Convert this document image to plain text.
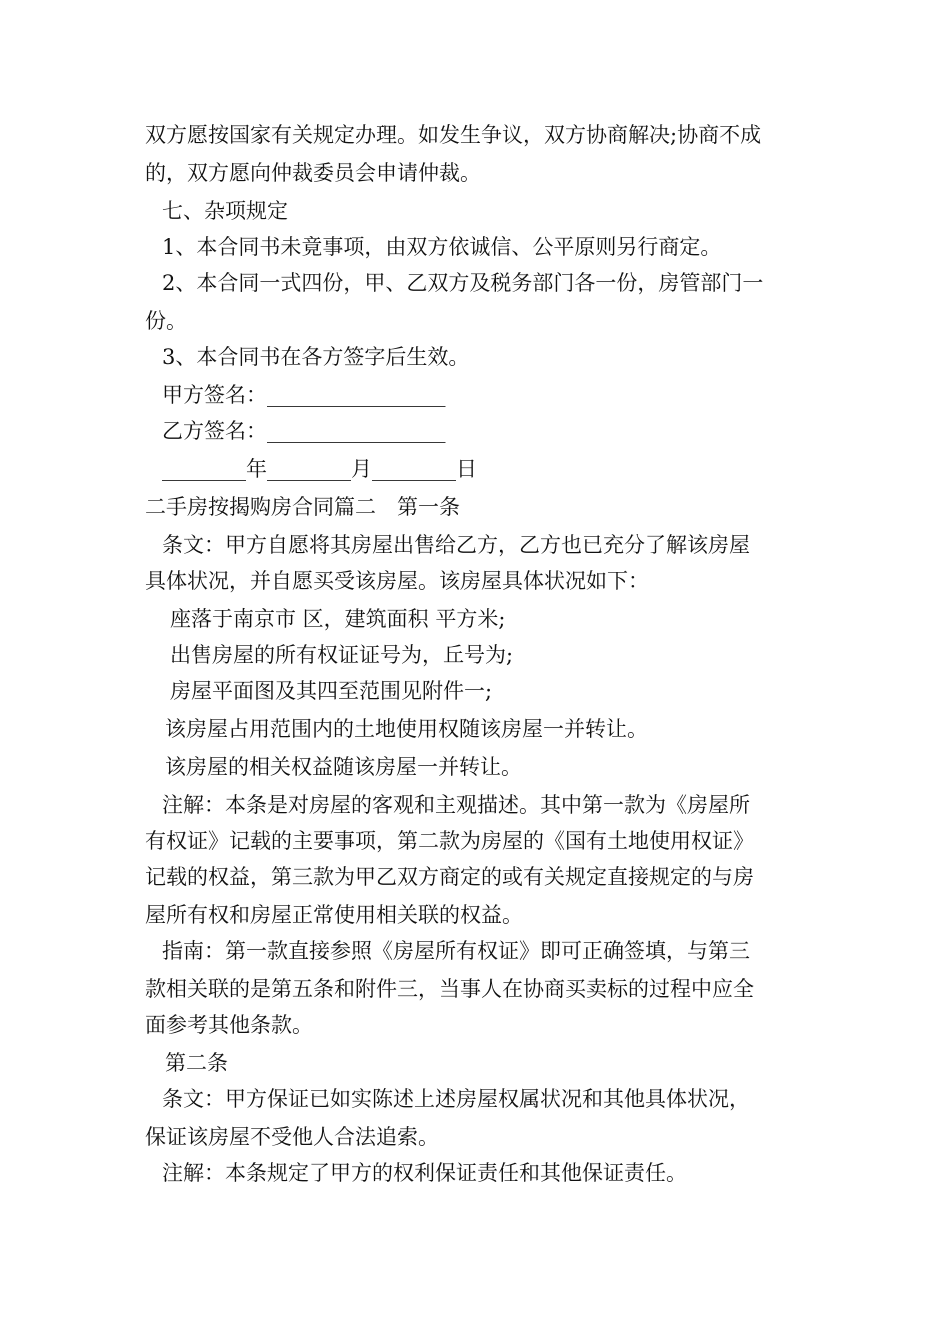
双方愿按国家有关规定办理。如发生争议，双方协商解决;协商不成
的，双方愿向仲裁委员会申请仲裁。
七、杂项规定
1、本合同书未竟事项，由双方依诚信、公平原则另行商定。
2、本合同一式四份，甲、乙双方及税务部门各一份，房管部门一
份。
3、本合同书在各方签字后生效。
甲方签名：_________________
乙方签名：_________________
________年________月________日
二手房按揭购房合同篇二　第一条
条文：甲方自愿将其房屋出售给乙方，乙方也已充分了解该房屋
具体状况，并自愿买受该房屋。该房屋具体状况如下：
座落于南京市 区，建筑面积 平方米;
出售房屋的所有权证证号为，丘号为;
房屋平面图及其四至范围见附件一;
该房屋占用范围内的土地使用权随该房屋一并转让。
该房屋的相关权益随该房屋一并转让。
注解：本条是对房屋的客观和主观描述。其中第一款为《房屋所
有权证》记载的主要事项，第二款为房屋的《国有土地使用权证》
记载的权益，第三款为甲乙双方商定的或有关规定直接规定的与房
屋所有权和房屋正常使用相关联的权益。
指南：第一款直接参照《房屋所有权证》即可正确签填，与第三
款相关联的是第五条和附件三，当事人在协商买卖标的过程中应全
面参考其他条款。
第二条
条文：甲方保证已如实陈述上述房屋权属状况和其他具体状况，
保证该房屋不受他人合法追索。
注解：本条规定了甲方的权利保证责任和其他保证责任。
